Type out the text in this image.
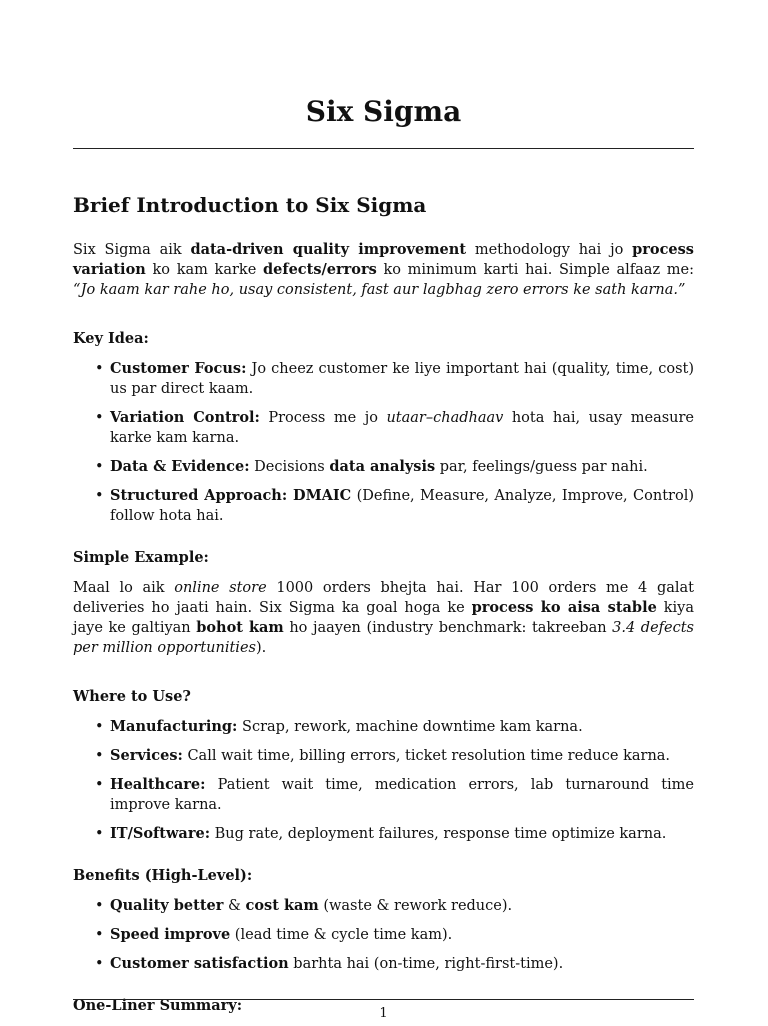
Six Sigma
Brief Introduction to Six Sigma

Six Sigma aik data-driven quality improvement methodology hai jo process variation ko kam karke defects/errors ko minimum karti hai. Simple alfaaz me: “Jo kaam kar rahe ho, usay consistent, fast aur lagbhag zero errors ke sath karna.”

Key Idea:
• Customer Focus: Jo cheez customer ke liye important hai (quality, time, cost) us par direct kaam.
• Variation Control: Process me jo utaar–chadhaav hota hai, usay measure karke kam karna.
• Data & Evidence: Decisions data analysis par, feelings/guess par nahi.
• Structured Approach: DMAIC (Define, Measure, Analyze, Improve, Control) follow hota hai.
Simple Example:

Maal lo aik online store 1000 orders bhejta hai. Har 100 orders me 4 galat deliveries ho jaati hain. Six Sigma ka goal hoga ke process ko aisa stable kiya jaye ke galtiyan bohot kam ho jaayen (industry benchmark: takreeban 3.4 defects per million opportunities).

Where to Use?
• Manufacturing: Scrap, rework, machine downtime kam karna.
• Services: Call wait time, billing errors, ticket resolution time reduce karna.
• Healthcare: Patient wait time, medication errors, lab turnaround time improve karna.
• IT/Software: Bug rate, deployment failures, response time optimize karna.
Benefits (High-Level):
• Quality better & cost kam (waste & rework reduce).
• Speed improve (lead time & cycle time kam).
• Customer satisfaction barhta hai (on-time, right-first-time).
One-Liner Summary:	1
